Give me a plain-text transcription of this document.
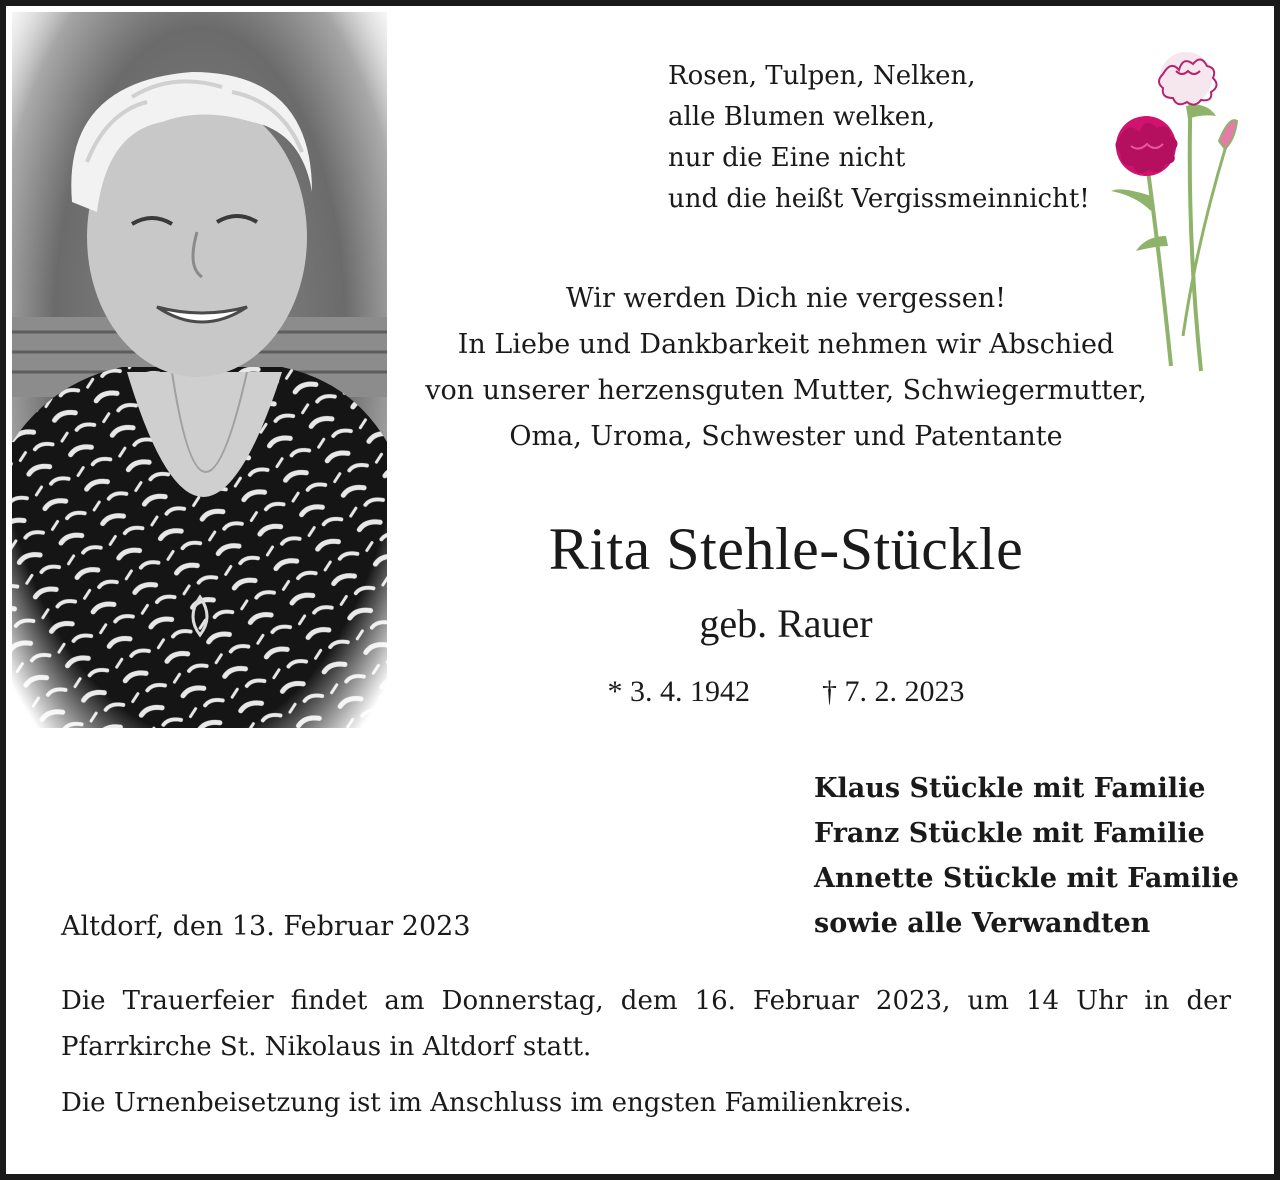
Rosen, Tulpen, Nelken,
alle Blumen welken,
nur die Eine nicht
und die heißt Vergissmeinnicht!
Wir werden Dich nie vergessen!
In Liebe und Dankbarkeit nehmen wir Abschied
von unserer herzensguten Mutter, Schwiegermutter,
Oma, Uroma, Schwester und Patentante
Rita Stehle-Stückle
geb. Rauer
* 3. 4. 1942 † 7. 2. 2023
Klaus Stückle mit Familie
Franz Stückle mit Familie
Annette Stückle mit Familie
sowie alle Verwandten
Altdorf, den 13. Februar 2023
Die Trauerfeier findet am Donnerstag, dem 16. Februar 2023, um 14 Uhr in der Pfarrkirche St. Nikolaus in Altdorf statt.
Die Urnenbeisetzung ist im Anschluss im engsten Familienkreis.
